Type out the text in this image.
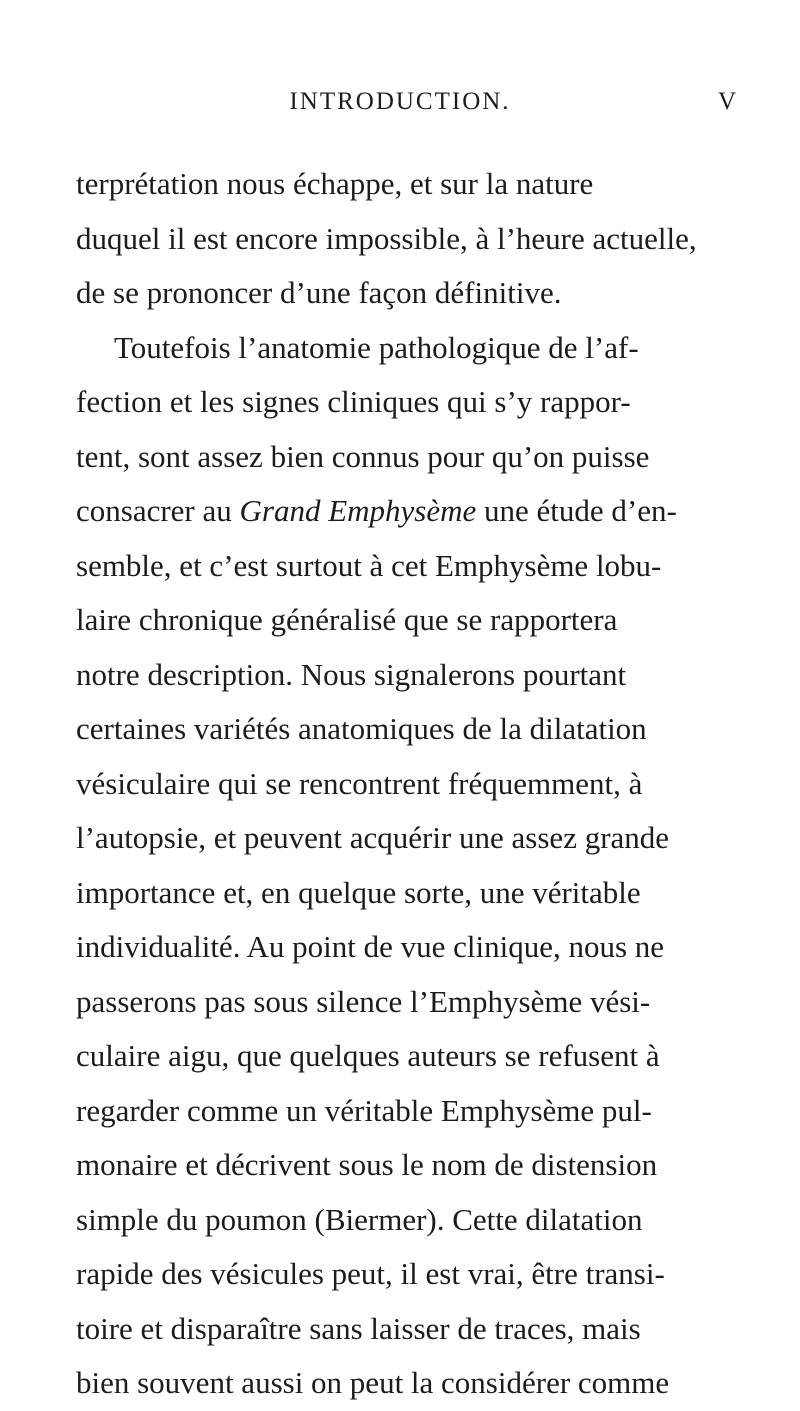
INTRODUCTION.	V
terprétation nous échappe, et sur la nature
duquel il est encore impossible, à l’heure actuelle,
de se prononcer d’une façon définitive.
Toutefois l’anatomie pathologique de l’af-
fection et les signes cliniques qui s’y rappor-
tent, sont assez bien connus pour qu’on puisse
consacrer au Grand Emphysème une étude d’en-
semble, et c’est surtout à cet Emphysème lobu-
laire chronique généralisé que se rapportera
notre description. Nous signalerons pourtant
certaines variétés anatomiques de la dilatation
vésiculaire qui se rencontrent fréquemment, à
l’autopsie, et peuvent acquérir une assez grande
importance et, en quelque sorte, une véritable
individualité. Au point de vue clinique, nous ne
passerons pas sous silence l’Emphysème vési-
culaire aigu, que quelques auteurs se refusent à
regarder comme un véritable Emphysème pul-
monaire et décrivent sous le nom de distension
simple du poumon (Biermer). Cette dilatation
rapide des vésicules peut, il est vrai, être transi-
toire et disparaître sans laisser de traces, mais
bien souvent aussi on peut la considérer comme
